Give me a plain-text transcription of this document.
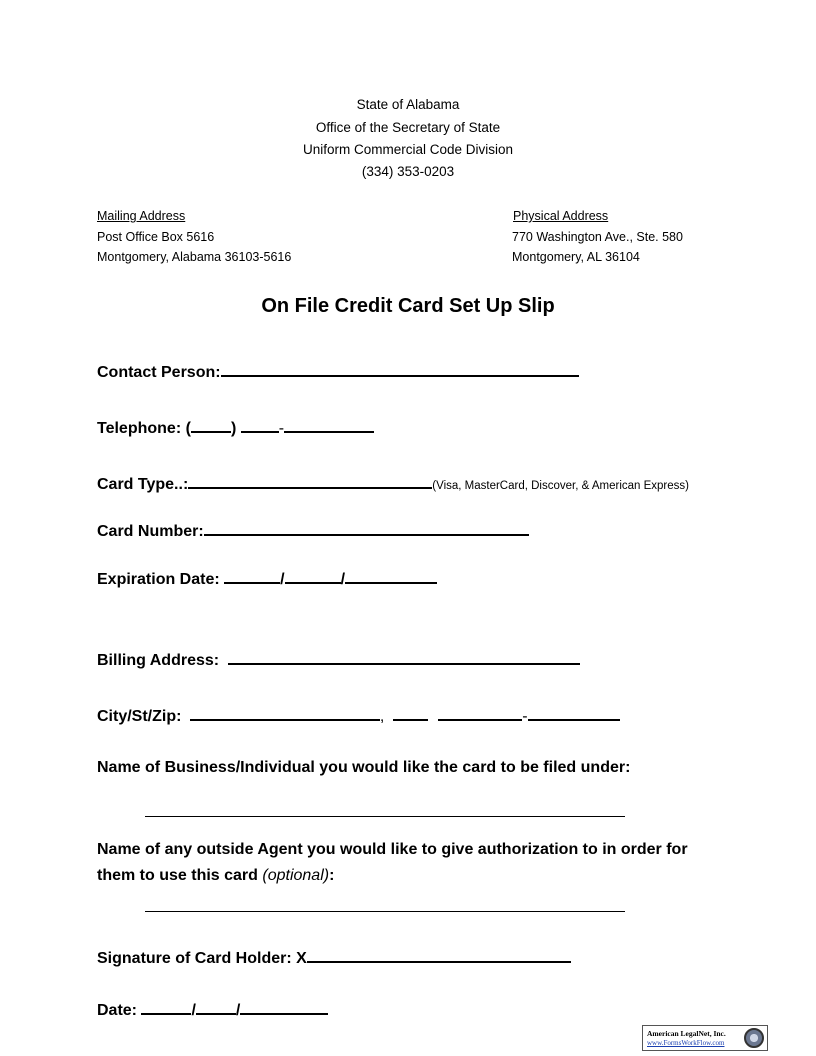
State of Alabama
Office of the Secretary of State
Uniform Commercial Code Division
(334) 353-0203
Mailing Address
Post Office Box 5616
Montgomery, Alabama 36103-5616
Physical Address
770 Washington Ave., Ste. 580
Montgomery, AL 36104
On File Credit Card Set Up Slip
Contact Person:
Telephone: (	)	-
Card Type..:	(Visa, MasterCard, Discover, & American Express)
Card Number:
Expiration Date:	/	/
Billing Address:
City/St/Zip:	,	-
Name of Business/Individual you would like the card to be filed under:
Name of any outside Agent you would like to give authorization to in order for
them to use this card (optional):
Signature of Card Holder: X
Date:	/	/
American LegalNet, Inc.
www.FormsWorkFlow.com
